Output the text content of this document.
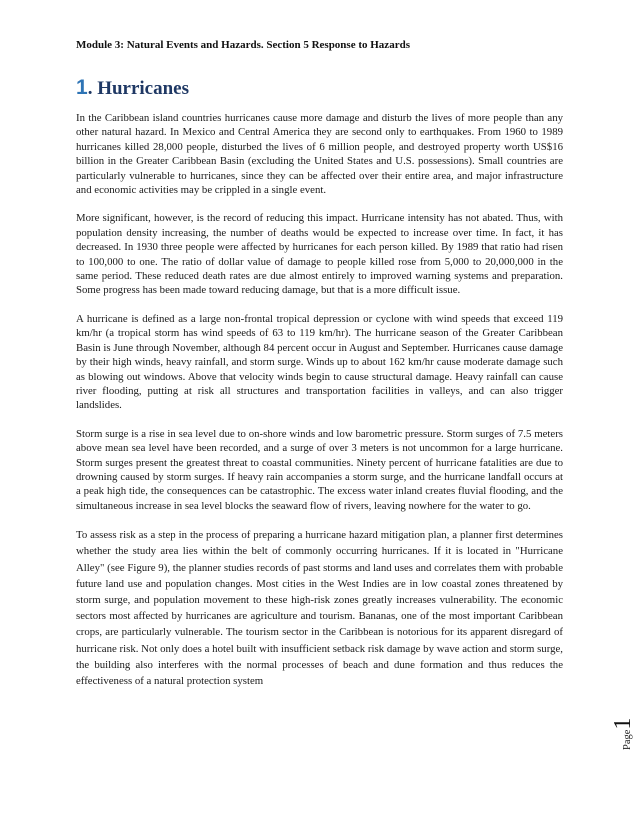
Module 3: Natural Events and Hazards. Section 5 Response to Hazards
1. Hurricanes

In the Caribbean island countries hurricanes cause more damage and disturb the lives of more people than any other natural hazard. In Mexico and Central America they are second only to earthquakes. From 1960 to 1989 hurricanes killed 28,000 people, disturbed the lives of 6 million people, and destroyed property worth US$16 billion in the Greater Caribbean Basin (excluding the United States and U.S. possessions). Small countries are particularly vulnerable to hurricanes, since they can be affected over their entire area, and major infrastructure and economic activities may be crippled in a single event.

More significant, however, is the record of reducing this impact. Hurricane intensity has not abated. Thus, with population density increasing, the number of deaths would be expected to increase over time. In fact, it has decreased. In 1930 three people were affected by hurricanes for each person killed. By 1989 that ratio had risen to 100,000 to one. The ratio of dollar value of damage to people killed rose from 5,000 to 20,000,000 in the same period. These reduced death rates are due almost entirely to improved warning systems and preparation. Some progress has been made toward reducing damage, but that is a more difficult issue.

A hurricane is defined as a large non-frontal tropical depression or cyclone with wind speeds that exceed 119 km/hr (a tropical storm has wind speeds of 63 to 119 km/hr). The hurricane season of the Greater Caribbean Basin is June through November, although 84 percent occur in August and September. Hurricanes cause damage by their high winds, heavy rainfall, and storm surge. Winds up to about 162 km/hr cause moderate damage such as blowing out windows. Above that velocity winds begin to cause structural damage. Heavy rainfall can cause river flooding, putting at risk all structures and transportation facilities in valleys, and can also trigger landslides.

Storm surge is a rise in sea level due to on-shore winds and low barometric pressure. Storm surges of 7.5 meters above mean sea level have been recorded, and a surge of over 3 meters is not uncommon for a large hurricane. Storm surges present the greatest threat to coastal communities. Ninety percent of hurricane fatalities are due to drowning caused by storm surges. If heavy rain accompanies a storm surge, and the hurricane landfall occurs at a peak high tide, the consequences can be catastrophic. The excess water inland creates fluvial flooding, and the simultaneous increase in sea level blocks the seaward flow of rivers, leaving nowhere for the water to go.

To assess risk as a step in the process of preparing a hurricane hazard mitigation plan, a planner first determines whether the study area lies within the belt of commonly occurring hurricanes. If it is located in "Hurricane Alley" (see Figure 9), the planner studies records of past storms and land uses and correlates them with probable future land use and population changes. Most cities in the West Indies are in low coastal zones threatened by storm surge, and population movement to these high-risk zones greatly increases vulnerability. The economic sectors most affected by hurricanes are agriculture and tourism. Bananas, one of the most important Caribbean crops, are particularly vulnerable. The tourism sector in the Caribbean is notorious for its apparent disregard of hurricane risk. Not only does a hotel built with insufficient setback risk damage by wave action and storm surge, the building also interferes with the normal processes of beach and dune formation and thus reduces the effectiveness of a natural protection system

Page1
